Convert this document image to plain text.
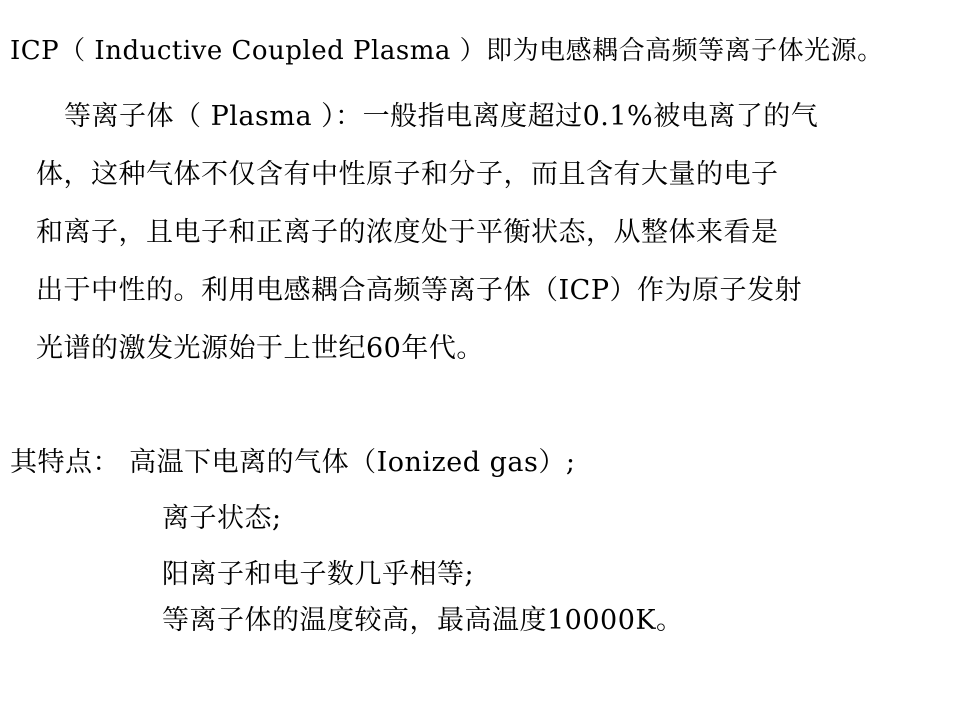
ICP（ Inductive Coupled Plasma ）即为电感耦合高频等离子体光源。
等离子体（ Plasma ）：一般指电离度超过0.1%被电离了的气
体，这种气体不仅含有中性原子和分子，而且含有大量的电子
和离子，且电子和正离子的浓度处于平衡状态，从整体来看是
出于中性的。利用电感耦合高频等离子体（ICP）作为原子发射
光谱的激发光源始于上世纪60年代。
其特点： 高温下电离的气体（Ionized gas）;
离子状态;
阳离子和电子数几乎相等;
等离子体的温度较高，最高温度10000K。
